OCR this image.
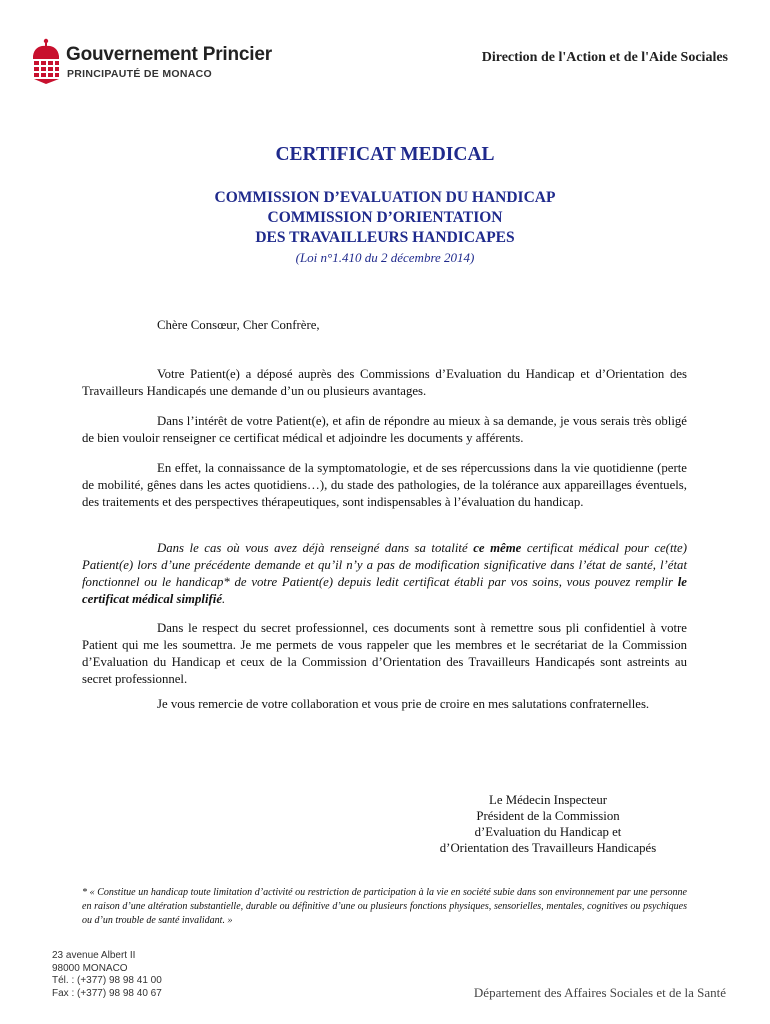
Gouvernement Princier
PRINCIPAUTÉ DE MONACO
Direction de l'Action et de l'Aide Sociales
CERTIFICAT MEDICAL
COMMISSION D’EVALUATION DU HANDICAP
COMMISSION D’ORIENTATION
DES TRAVAILLEURS HANDICAPES
(Loi n°1.410 du 2 décembre 2014)
Chère Consœur, Cher Confrère,

Votre Patient(e) a déposé auprès des Commissions d’Evaluation du Handicap et d’Orientation des Travailleurs Handicapés une demande d’un ou plusieurs avantages.

Dans l’intérêt de votre Patient(e), et afin de répondre au mieux à sa demande, je vous serais très obligé de bien vouloir renseigner ce certificat médical et adjoindre les documents y afférents.

En effet, la connaissance de la symptomatologie, et de ses répercussions dans la vie quotidienne (perte de mobilité, gênes dans les actes quotidiens…), du stade des pathologies, de la tolérance aux appareillages éventuels, des traitements et des perspectives thérapeutiques, sont indispensables à l’évaluation du handicap.

Dans le cas où vous avez déjà renseigné dans sa totalité ce même certificat médical pour ce(tte) Patient(e) lors d’une précédente demande et qu’il n’y a pas de modification significative dans l’état de santé, l’état fonctionnel ou le handicap* de votre Patient(e) depuis ledit certificat établi par vos soins, vous pouvez remplir le certificat médical simplifié.

Dans le respect du secret professionnel, ces documents sont à remettre sous pli confidentiel à votre Patient qui me les soumettra. Je me permets de vous rappeler que les membres et le secrétariat de la Commission d’Evaluation du Handicap et ceux de la Commission d’Orientation des Travailleurs Handicapés sont astreints au secret professionnel.

Je vous remercie de votre collaboration et vous prie de croire en mes salutations confraternelles.

Le Médecin Inspecteur
Président de la Commission
d’Evaluation du Handicap et
d’Orientation des Travailleurs Handicapés
* « Constitue un handicap toute limitation d’activité ou restriction de participation à la vie en société subie dans son environnement par une personne en raison d’une altération substantielle, durable ou définitive d’une ou plusieurs fonctions physiques, sensorielles, mentales, cognitives ou psychiques ou d’un trouble de santé invalidant. »
23 avenue Albert II
98000 MONACO
Tél. : (+377) 98 98 41 00
Fax : (+377) 98 98 40 67	Département des Affaires Sociales et de la Santé
